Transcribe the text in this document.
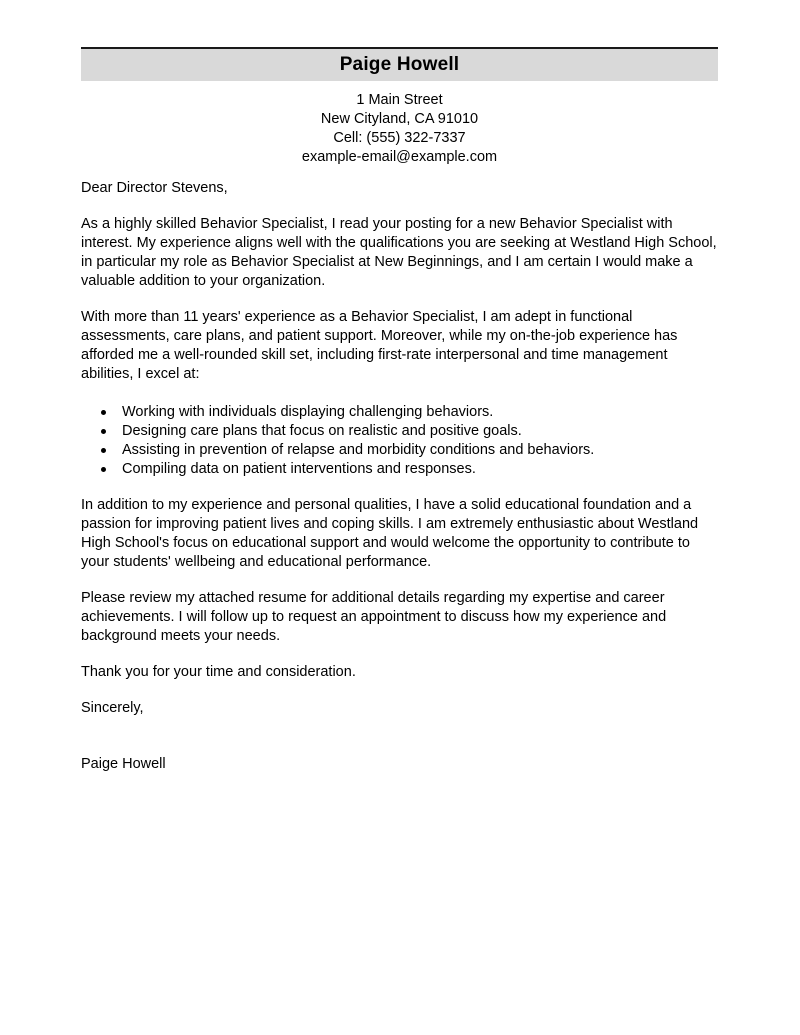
Paige Howell
1 Main Street
New Cityland, CA 91010
Cell: (555) 322-7337
example-email@example.com

Dear Director Stevens,

As a highly skilled Behavior Specialist, I read your posting for a new Behavior Specialist with interest. My experience aligns well with the qualifications you are seeking at Westland High School, in particular my role as Behavior Specialist at New Beginnings, and I am certain I would make a valuable addition to your organization.

With more than 11 years' experience as a Behavior Specialist, I am adept in functional assessments, care plans, and patient support. Moreover, while my on-the-job experience has afforded me a well-rounded skill set, including first-rate interpersonal and time management abilities, I excel at:

Working with individuals displaying challenging behaviors.
Designing care plans that focus on realistic and positive goals.
Assisting in prevention of relapse and morbidity conditions and behaviors.
Compiling data on patient interventions and responses.

In addition to my experience and personal qualities, I have a solid educational foundation and a passion for improving patient lives and coping skills. I am extremely enthusiastic about Westland High School's focus on educational support and would welcome the opportunity to contribute to your students' wellbeing and educational performance.

Please review my attached resume for additional details regarding my expertise and career achievements. I will follow up to request an appointment to discuss how my experience and background meets your needs.

Thank you for your time and consideration.

Sincerely,

Paige Howell
